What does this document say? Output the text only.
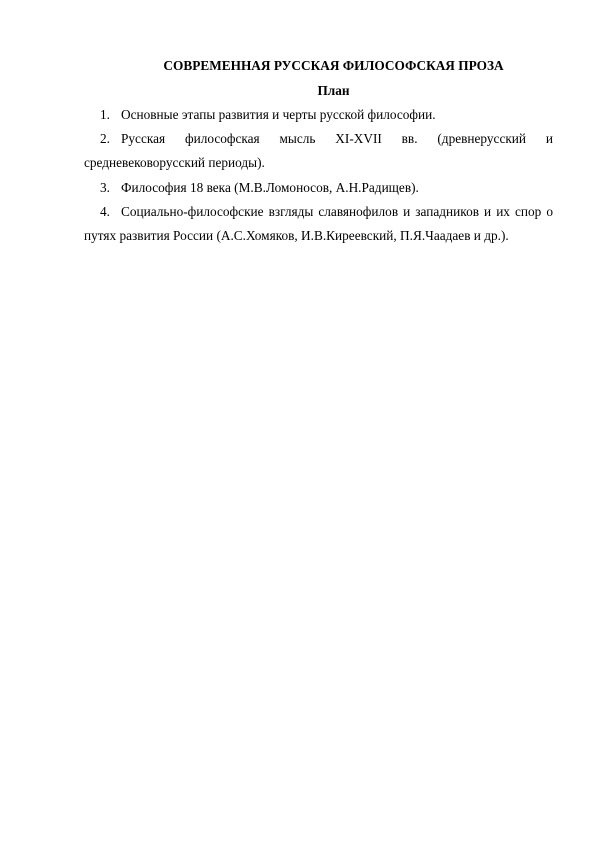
СОВРЕМЕННАЯ РУССКАЯ ФИЛОСОФСКАЯ ПРОЗА
План
1. Основные этапы развития и черты русской философии.
2. Русская философская мысль XI-XVII вв. (древнерусский и средневековорусский периоды).
3. Философия 18 века (М.В.Ломоносов, А.Н.Радищев).
4. Социально-философские взгляды славянофилов и западников и их спор о путях развития России (А.С.Хомяков, И.В.Киреевский, П.Я.Чаадаев и др.).
